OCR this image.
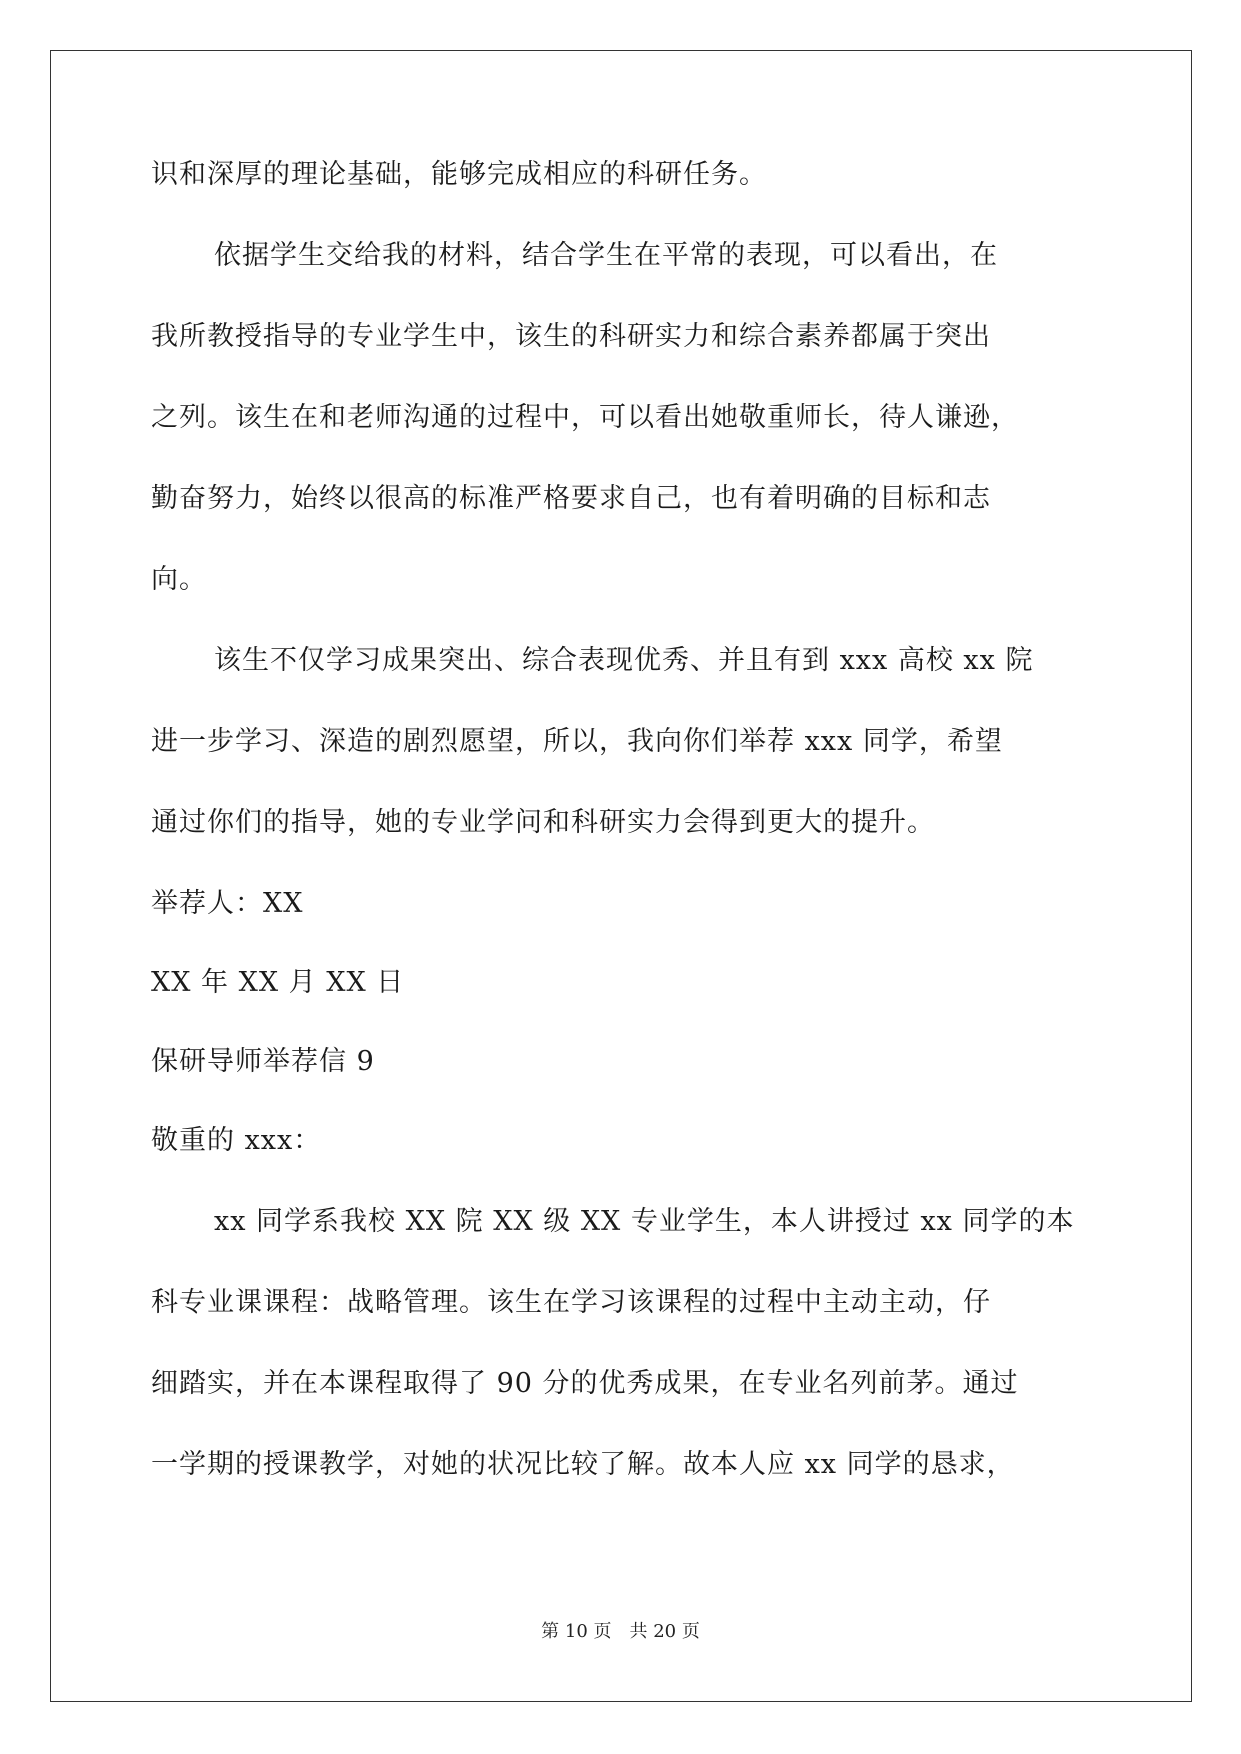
识和深厚的理论基础，能够完成相应的科研任务。
依据学生交给我的材料，结合学生在平常的表现，可以看出，在
我所教授指导的专业学生中，该生的科研实力和综合素养都属于突出
之列。该生在和老师沟通的过程中，可以看出她敬重师长，待人谦逊，
勤奋努力，始终以很高的标准严格要求自己，也有着明确的目标和志
向。
该生不仅学习成果突出、综合表现优秀、并且有到 xxx 高校 xx 院
进一步学习、深造的剧烈愿望，所以，我向你们举荐 xxx 同学，希望
通过你们的指导，她的专业学问和科研实力会得到更大的提升。
举荐人：XX
XX 年 XX 月 XX 日
保研导师举荐信 9
敬重的 xxx：
xx 同学系我校 XX 院 XX 级 XX 专业学生，本人讲授过 xx 同学的本
科专业课课程：战略管理。该生在学习该课程的过程中主动主动，仔
细踏实，并在本课程取得了 90 分的优秀成果，在专业名列前茅。通过
一学期的授课教学，对她的状况比较了解。故本人应 xx 同学的恳求，
第 10 页　共 20 页
